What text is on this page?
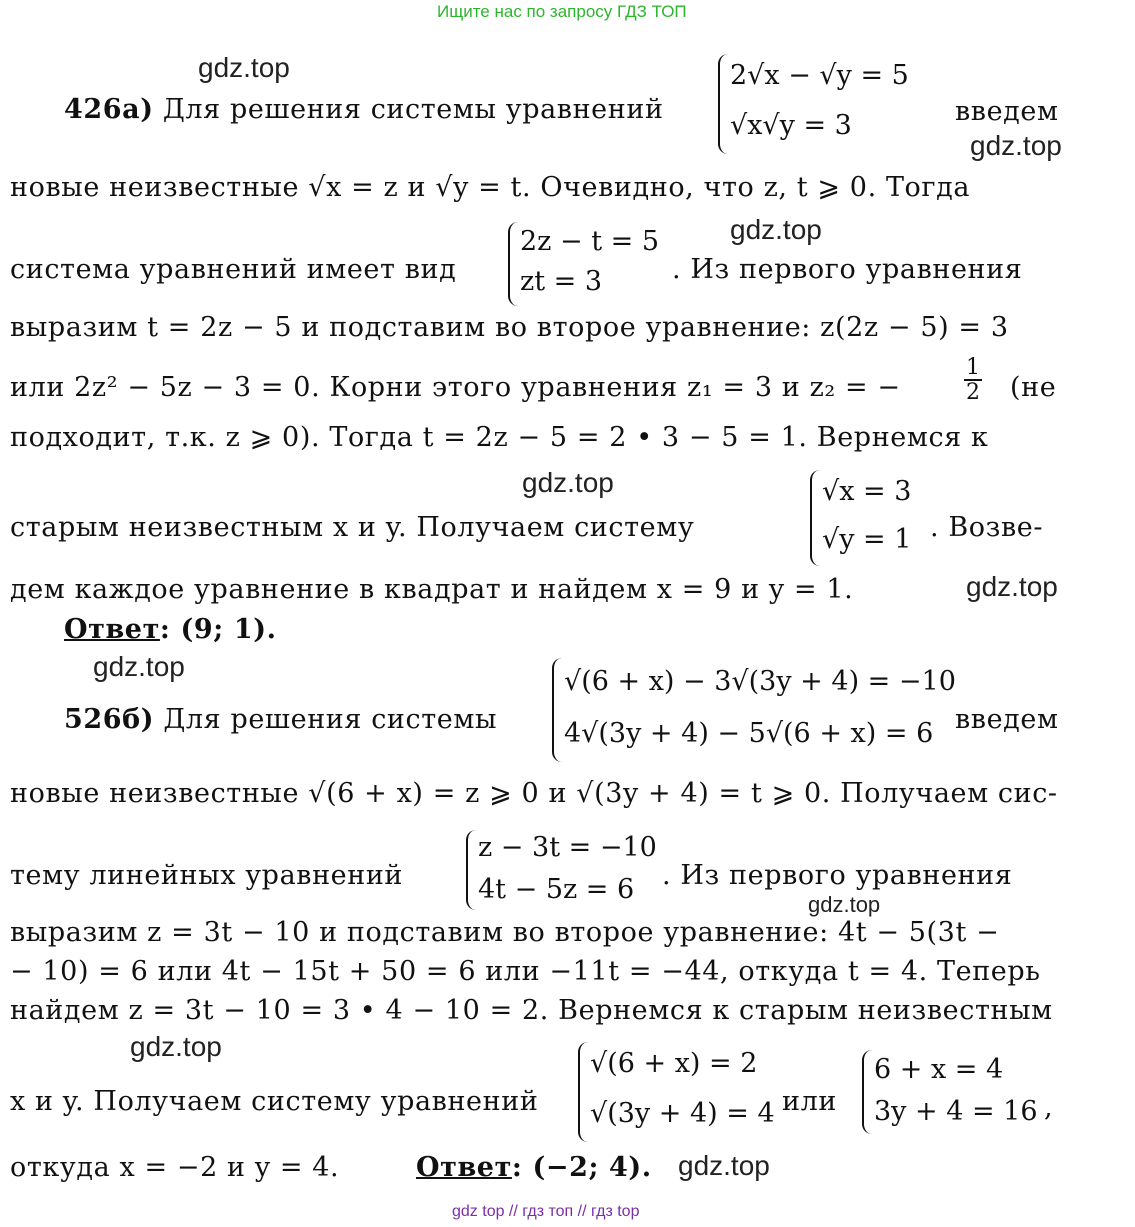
Ищите нас по запросу ГДЗ ТОП
gdz.top
gdz.top
gdz.top
gdz.top
gdz.top
gdz.top
gdz.top
gdz.top
gdz.top
426а) Для решения системы уравнений
2√x − √y = 5
√x√y = 3	введем
новые неизвестные √x = z и √y = t. Очевидно, что z, t ⩾ 0. Тогда
система уравнений имеет вид
2z − t = 5
zt = 3	. Из первого уравнения
выразим t = 2z − 5 и подставим во второе уравнение: z(2z − 5) = 3
или 2z² − 5z − 3 = 0. Корни этого уравнения z₁ = 3 и z₂ = −	$\frac{1}{2} (не$
подходит, т.к. z ⩾ 0). Тогда t = 2z − 5 = 2 • 3 − 5 = 1. Вернемся к
старым неизвестным x и y. Получаем систему
√x = 3
√y = 1 . Возве-
дем каждое уравнение в квадрат и найдем x = 9 и y = 1.
Ответ: (9; 1).
526б) Для решения системы
√(6 + x) − 3√(3y + 4) = −10
4√(3y + 4) − 5√(6 + x) = 6 введем
новые неизвестные √(6 + x) = z ⩾ 0 и √(3y + 4) = t ⩾ 0. Получаем сис-
тему линейных уравнений
z − 3t = −10
4t − 5z = 6 . Из первого уравнения
выразим z = 3t − 10 и подставим во второе уравнение: 4t − 5(3t −
− 10) = 6 или 4t − 15t + 50 = 6 или −11t = −44, откуда t = 4. Теперь
найдем z = 3t − 10 = 3 • 4 − 10 = 2. Вернемся к старым неизвестным
x и y. Получаем систему уравнений
√(6 + x) = 2
√(3y + 4) = 4 или
6 + x = 4
3y + 4 = 16 ,
откуда x = −2 и y = 4.	Ответ: (−2; 4).
gdz top // гдз топ // гдз top
